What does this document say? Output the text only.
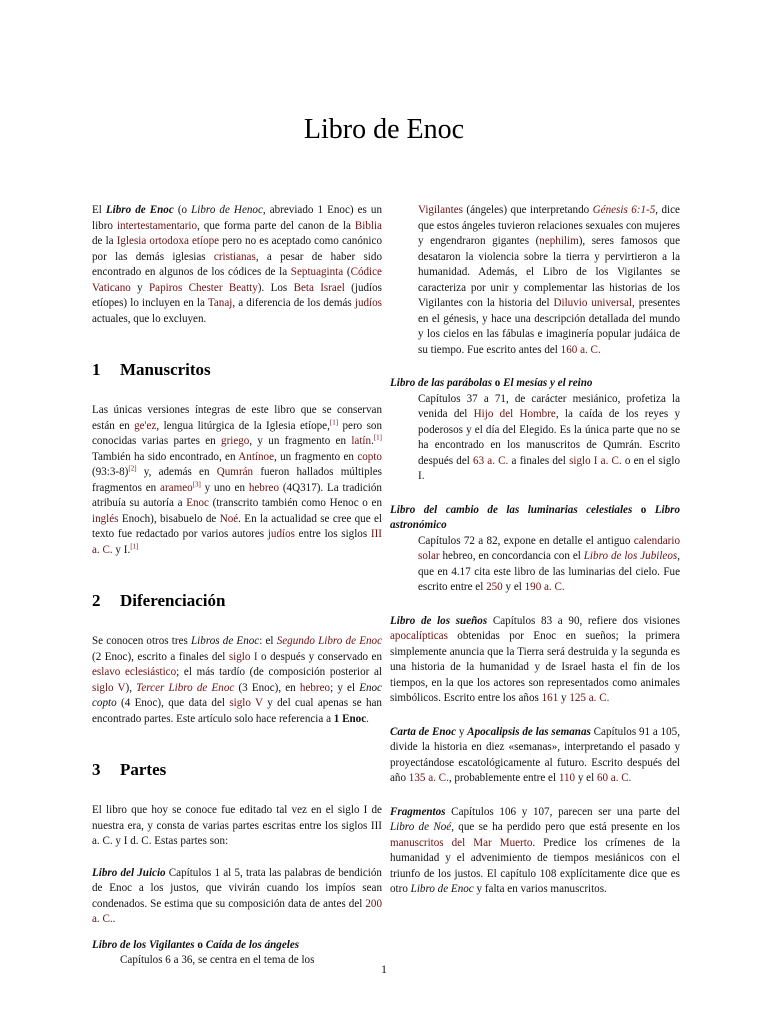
Libro de Enoc

El Libro de Enoc (o Libro de Henoc, abreviado 1 Enoc) es un libro intertestamentario, que forma parte del canon de la Biblia de la Iglesia ortodoxa etíope pero no es aceptado como canónico por las demás iglesias cristianas, a pesar de haber sido encontrado en algunos de los códices de la Septuaginta (Códice Vaticano y Papiros Chester Beatty). Los Beta Israel (judíos etíopes) lo incluyen en la Tanaj, a diferencia de los demás judíos actuales, que lo excluyen.

1 Manuscritos

Las únicas versiones íntegras de este libro que se conservan están en ge'ez, lengua litúrgica de la Iglesia etíope,[1] pero son conocidas varias partes en griego, y un fragmento en latín.[1] También ha sido encontrado, en Antínoe, un fragmento en copto (93:3-8)[2] y, además en Qumrán fueron hallados múltiples fragmentos en arameo[3] y uno en hebreo (4Q317). La tradición atribuía su autoría a Enoc (transcrito también como Henoc o en inglés Enoch), bisabuelo de Noé. En la actualidad se cree que el texto fue redactado por varios autores judíos entre los siglos III a. C. y I.[1]

2 Diferenciación

Se conocen otros tres Libros de Enoc: el Segundo Libro de Enoc (2 Enoc), escrito a finales del siglo I o después y conservado en eslavo eclesiástico; el más tardío (de composición posterior al siglo V), Tercer Libro de Enoc (3 Enoc), en hebreo; y el Enoc copto (4 Enoc), que data del siglo V y del cual apenas se han encontrado partes. Este artículo solo hace referencia a 1 Enoc.

3 Partes

El libro que hoy se conoce fue editado tal vez en el siglo I de nuestra era, y consta de varias partes escritas entre los siglos III a. C. y I d. C. Estas partes son:

Libro del Juicio Capítulos 1 al 5, trata las palabras de bendición de Enoc a los justos, que vivirán cuando los impíos sean condenados. Se estima que su composición data de antes del 200 a. C..

Libro de los Vigilantes o Caída de los ángeles

Capítulos 6 a 36, se centra en el tema de los

Vigilantes (ángeles) que interpretando Génesis 6:1-5, dice que estos ángeles tuvieron relaciones sexuales con mujeres y engendraron gigantes (nephilim), seres famosos que desataron la violencia sobre la tierra y pervirtieron a la humanidad. Además, el Libro de los Vigilantes se caracteriza por unir y complementar las historias de los Vigilantes con la historia del Diluvio universal, presentes en el génesis, y hace una descripción detallada del mundo y los cielos en las fábulas e imaginería popular judáica de su tiempo. Fue escrito antes del 160 a. C.

Libro de las parábolas o El mesías y el reino

Capítulos 37 a 71, de carácter mesiánico, profetiza la venida del Hijo del Hombre, la caída de los reyes y poderosos y el día del Elegido. Es la única parte que no se ha encontrado en los manuscritos de Qumrán. Escrito después del 63 a. C. a finales del siglo I a. C. o en el siglo I.

Libro del cambio de las luminarias celestiales o Libro astronómico

Capítulos 72 a 82, expone en detalle el antiguo calendario solar hebreo, en concordancia con el Libro de los Jubileos, que en 4.17 cita este libro de las luminarias del cielo. Fue escrito entre el 250 y el 190 a. C.

Libro de los sueños Capítulos 83 a 90, refiere dos visiones apocalípticas obtenidas por Enoc en sueños; la primera simplemente anuncia que la Tierra será destruida y la segunda es una historia de la humanidad y de Israel hasta el fin de los tiempos, en la que los actores son representados como animales simbólicos. Escrito entre los años 161 y 125 a. C.

Carta de Enoc y Apocalipsis de las semanas Capítulos 91 a 105, divide la historia en diez «semanas», interpretando el pasado y proyectándose escatológicamente al futuro. Escrito después del año 135 a. C., probablemente entre el 110 y el 60 a. C.

Fragmentos Capítulos 106 y 107, parecen ser una parte del Libro de Noé, que se ha perdido pero que está presente en los manuscritos del Mar Muerto. Predice los crímenes de la humanidad y el advenimiento de tiempos mesiánicos con el triunfo de los justos. El capítulo 108 explícitamente dice que es otro Libro de Enoc y falta en varios manuscritos.

1
